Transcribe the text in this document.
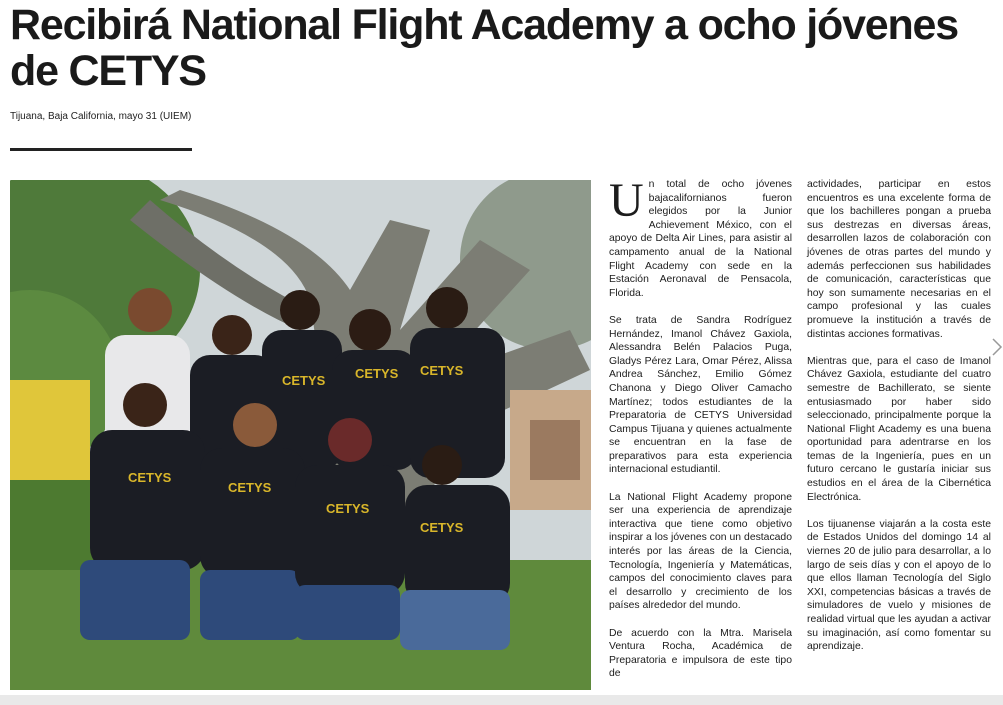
Recibirá National Flight Academy a ocho jóvenes de CETYS
Tijuana, Baja California, mayo 31 (UIEM)
CETYS CETYS CETYS
CETYS
CETYS
CETYS
CETYS

Un total de ocho jóvenes bajacalifornianos fueron elegidos por la Junior Achievement México, con el apoyo de Delta Air Lines, para asistir al campamento anual de la National Flight Academy con sede en la Estación Aeronaval de Pensacola, Florida.

Se trata de Sandra Rodríguez Hernández, Imanol Chávez Gaxiola, Alessandra Belén Palacios Puga, Gladys Pérez Lara, Omar Pérez, Alissa Andrea Sánchez, Emilio Gómez Chanona y Diego Oliver Camacho Martínez; todos estudiantes de la Preparatoria de CETYS Universidad Campus Tijuana y quienes actualmente se encuentran en la fase de preparativos para esta experiencia internacional estudiantil.

La National Flight Academy propone ser una experiencia de aprendizaje interactiva que tiene como objetivo inspirar a los jóvenes con un destacado interés por las áreas de la Ciencia, Tecnología, Ingeniería y Matemáticas, campos del conocimiento claves para el desarrollo y crecimiento de los países alrededor del mundo.

De acuerdo con la Mtra. Marisela Ventura Rocha, Académica de Preparatoria e impulsora de este tipo de

actividades, participar en estos encuentros es una excelente forma de que los bachilleres pongan a prueba sus destrezas en diversas áreas, desarrollen lazos de colaboración con jóvenes de otras partes del mundo y además perfeccionen sus habilidades de comunicación, características que hoy son sumamente necesarias en el campo profesional y las cuales promueve la institución a través de distintas acciones formativas.

Mientras que, para el caso de Imanol Chávez Gaxiola, estudiante del cuatro semestre de Bachillerato, se siente entusiasmado por haber sido seleccionado, principalmente porque la National Flight Academy es una buena oportunidad para adentrarse en los temas de la Ingeniería, pues en un futuro cercano le gustaría iniciar sus estudios en el área de la Cibernética Electrónica.

Los tijuanense viajarán a la costa este de Estados Unidos del domingo 14 al viernes 20 de julio para desarrollar, a lo largo de seis días y con el apoyo de lo que ellos llaman Tecnología del Siglo XXI, competencias básicas a través de simuladores de vuelo y misiones de realidad virtual que les ayudan a activar su imaginación, así como fomentar su aprendizaje.
